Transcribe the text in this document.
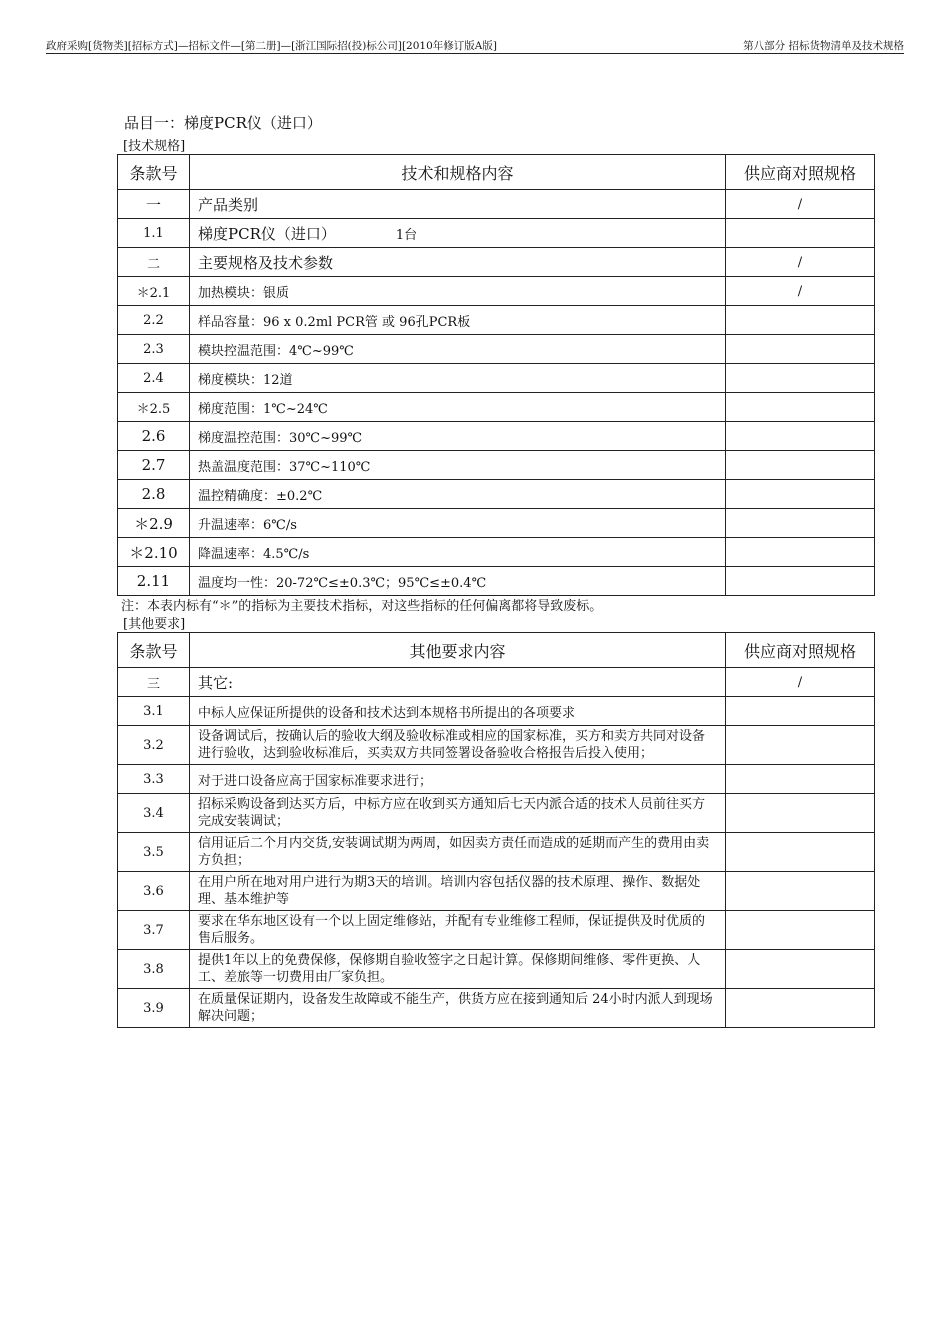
政府采购[货物类][招标方式]—招标文件—[第二册]—[浙江国际招(投)标公司][2010年修订版A版]	第八部分 招标货物清单及技术规格
品目一：梯度PCR仪（进口）
[技术规格]
条款号	技术和规格内容	供应商对照规格
一	产品类别	/
1.1	梯度PCR仪（进口） 1台	
二	主要规格及技术参数	/
＊2.1	加热模块：银质	/
2.2	样品容量：96 x 0.2ml PCR管 或 96孔PCR板	
2.3	模块控温范围：4℃~99℃	
2.4	梯度模块：12道	
＊2.5	梯度范围：1℃~24℃	
2.6	梯度温控范围：30℃~99℃	
2.7	热盖温度范围：37℃~110℃	
2.8	温控精确度：±0.2℃	
＊2.9	升温速率：6℃/s	
＊2.10	降温速率：4.5℃/s	
2.11	温度均一性：20-72℃≤±0.3℃；95℃≤±0.4℃	
注：本表内标有“＊”的指标为主要技术指标，对这些指标的任何偏离都将导致废标。
[其他要求]
条款号	其他要求内容	供应商对照规格
三	其它:	/
3.1	中标人应保证所提供的设备和技术达到本规格书所提出的各项要求	
3.2	设备调试后，按确认后的验收大纲及验收标准或相应的国家标准，买方和卖方共同对设备进行验收，达到验收标准后，买卖双方共同签署设备验收合格报告后投入使用；	
3.3	对于进口设备应高于国家标准要求进行；	
3.4	招标采购设备到达买方后，中标方应在收到买方通知后七天内派合适的技术人员前往买方完成安装调试；	
3.5	信用证后二个月内交货,安装调试期为两周，如因卖方责任而造成的延期而产生的费用由卖方负担；	
3.6	在用户所在地对用户进行为期3天的培训。培训内容包括仪器的技术原理、操作、数据处理、基本维护等	
3.7	要求在华东地区设有一个以上固定维修站，并配有专业维修工程师，保证提供及时优质的售后服务。	
3.8	提供1年以上的免费保修，保修期自验收签字之日起计算。保修期间维修、零件更换、人工、差旅等一切费用由厂家负担。	
3.9	在质量保证期内，设备发生故障或不能生产，供货方应在接到通知后 24小时内派人到现场解决问题；	
